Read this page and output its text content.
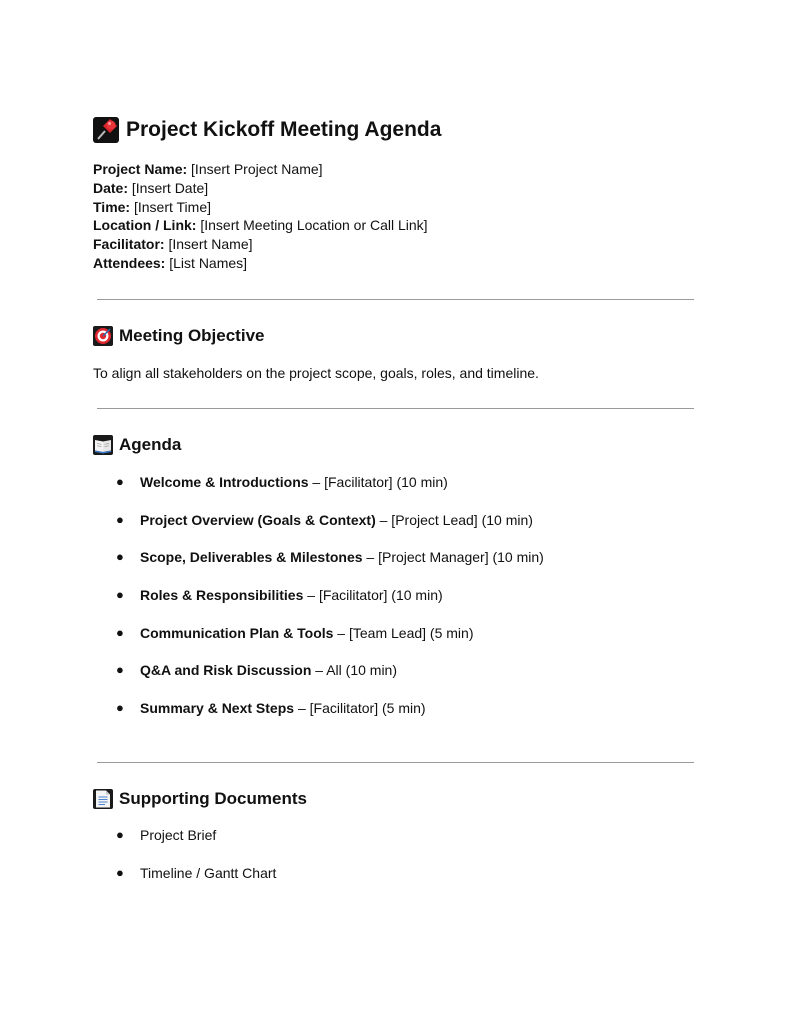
Project Kickoff Meeting Agenda
Project Name: [Insert Project Name]
Date: [Insert Date]
Time: [Insert Time]
Location / Link: [Insert Meeting Location or Call Link]
Facilitator: [Insert Name]
Attendees: [List Names]
Meeting Objective
To align all stakeholders on the project scope, goals, roles, and timeline.
Agenda
● Welcome & Introductions – [Facilitator] (10 min)
● Project Overview (Goals & Context) – [Project Lead] (10 min)
● Scope, Deliverables & Milestones – [Project Manager] (10 min)
● Roles & Responsibilities – [Facilitator] (10 min)
● Communication Plan & Tools – [Team Lead] (5 min)
● Q&A and Risk Discussion – All (10 min)
● Summary & Next Steps – [Facilitator] (5 min)
Supporting Documents
● Project Brief
● Timeline / Gantt Chart
